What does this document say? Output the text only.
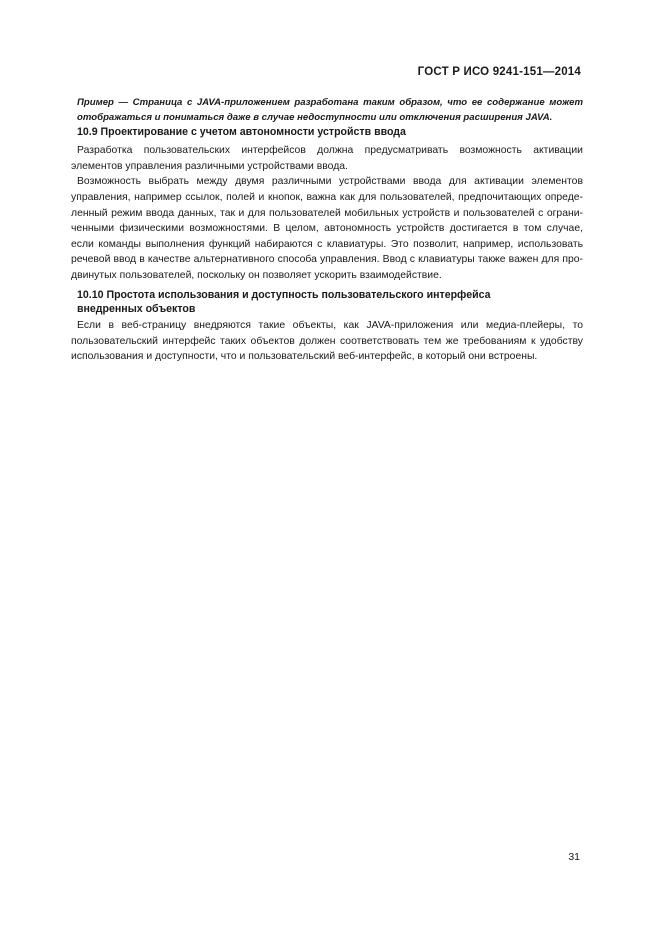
ГОСТ Р ИСО 9241-151—2014
Пример — Страница с JAVA-приложением разработана таким образом, что ее содержание может
отображаться и пониматься даже в случае недоступности или отключения расширения JAVA.
10.9 Проектирование с учетом автономности устройств ввода
Разработка пользовательских интерфейсов должна предусматривать возможность активации
элементов управления различными устройствами ввода.
Возможность выбрать между двумя различными устройствами ввода для активации элементов
управления, например ссылок, полей и кнопок, важна как для пользователей, предпочитающих опреде-
ленный режим ввода данных, так и для пользователей мобильных устройств и пользователей с ограни-
ченными физическими возможностями. В целом, автономность устройств достигается в том случае,
если команды выполнения функций набираются с клавиатуры. Это позволит, например, использовать
речевой ввод в качестве альтернативного способа управления. Ввод с клавиатуры также важен для про-
двинутых пользователей, поскольку он позволяет ускорить взаимодействие.
10.10 Простота использования и доступность пользовательского интерфейса
внедренных объектов
Если в веб-страницу внедряются такие объекты, как JAVA-приложения или медиа-плейеры, то
пользовательский интерфейс таких объектов должен соответствовать тем же требованиям к удобству
использования и доступности, что и пользовательский веб-интерфейс, в который они встроены.
31
